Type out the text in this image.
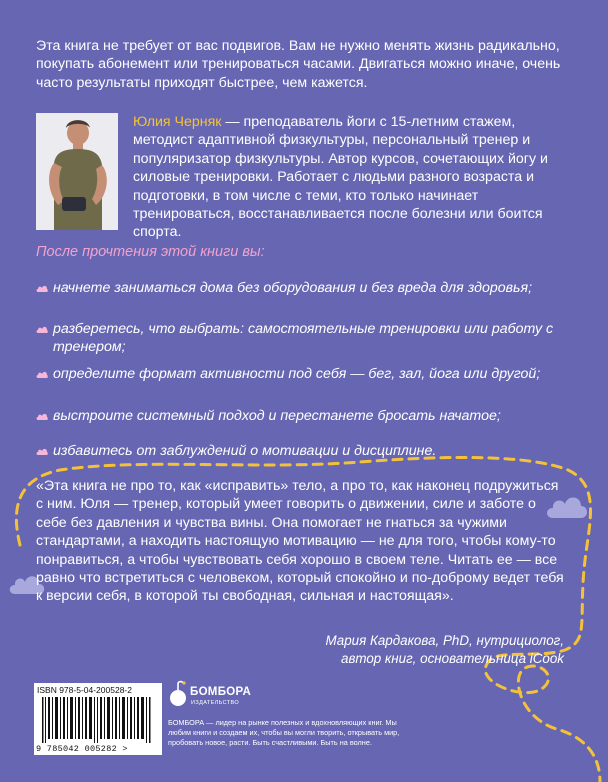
Эта книга не требует от вас подвигов. Вам не нужно менять жизнь радикально, покупать абонемент или тренироваться часами. Двигаться можно иначе, очень часто результаты приходят быстрее, чем кажется.
Юлия Черняк — преподаватель йоги с 15-летним стажем, методист адаптивной физкультуры, персональный тренер и популяризатор физкультуры. Автор курсов, сочетающих йогу и силовые тренировки. Работает с людьми разного возраста и подготовки, в том числе с теми, кто только начинает тренироваться, восстанавливается после болезни или боится спорта.
После прочтения этой книги вы:
начнете заниматься дома без оборудования и без вреда для здоровья;
разберетесь, что выбрать: самостоятельные тренировки или работу с тренером;
определите формат активности под себя — бег, зал, йога или другой;
выстроите системный подход и перестанете бросать начатое;
избавитесь от заблуждений о мотивации и дисциплине.
«Эта книга не про то, как «исправить» тело, а про то, как наконец подружиться с ним. Юля — тренер, который умеет говорить о движении, силе и заботе о себе без давления и чувства вины. Она помогает не гнаться за чужими стандартами, а находить настоящую мотивацию — не для того, чтобы кому-то понравиться, а чтобы чувствовать себя хорошо в своем теле. Читать ее — все равно что встретиться с человеком, который спокойно и по-доброму ведет тебя к версии себя, в которой ты свободная, сильная и настоящая».
Мария Кардакова, PhD, нутрициолог,
автор книг, основательница iCook
ISBN 978-5-04-200528-2
9 785042 005282 >
БОМБОРА
ИЗДАТЕЛЬСТВО
БОМБОРА — лидер на рынке полезных и вдохновляющих книг. Мы любим книги и создаем их, чтобы вы могли творить, открывать мир, пробовать новое, расти. Быть счастливыми. Быть на волне.
